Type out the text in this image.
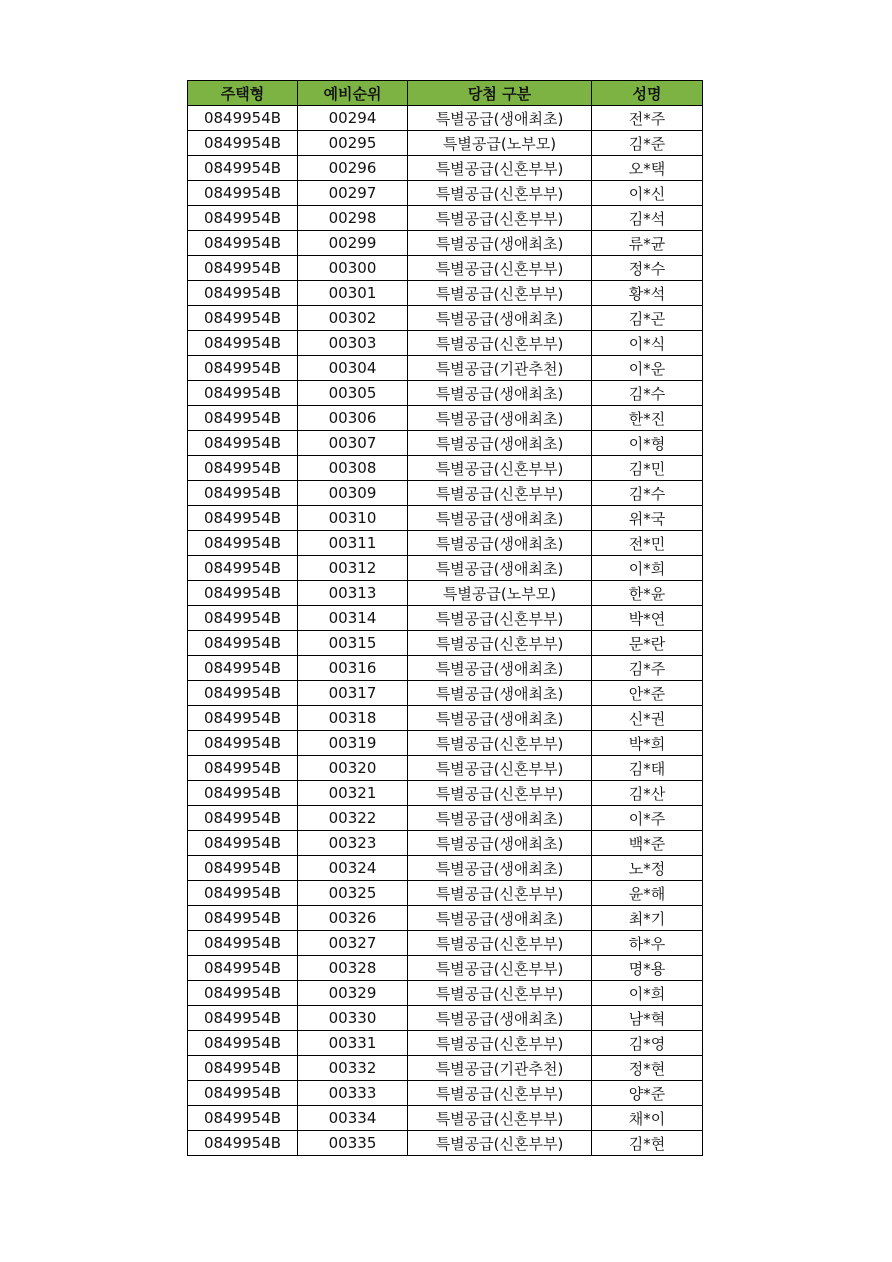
주택형	예비순위	당첨 구분	성명
0849954B	00294	특별공급(생애최초)	전*주
0849954B	00295	특별공급(노부모)	김*준
0849954B	00296	특별공급(신혼부부)	오*택
0849954B	00297	특별공급(신혼부부)	이*신
0849954B	00298	특별공급(신혼부부)	김*석
0849954B	00299	특별공급(생애최초)	류*균
0849954B	00300	특별공급(신혼부부)	정*수
0849954B	00301	특별공급(신혼부부)	황*석
0849954B	00302	특별공급(생애최초)	김*곤
0849954B	00303	특별공급(신혼부부)	이*식
0849954B	00304	특별공급(기관추천)	이*운
0849954B	00305	특별공급(생애최초)	김*수
0849954B	00306	특별공급(생애최초)	한*진
0849954B	00307	특별공급(생애최초)	이*형
0849954B	00308	특별공급(신혼부부)	김*민
0849954B	00309	특별공급(신혼부부)	김*수
0849954B	00310	특별공급(생애최초)	위*국
0849954B	00311	특별공급(생애최초)	전*민
0849954B	00312	특별공급(생애최초)	이*희
0849954B	00313	특별공급(노부모)	한*윤
0849954B	00314	특별공급(신혼부부)	박*연
0849954B	00315	특별공급(신혼부부)	문*란
0849954B	00316	특별공급(생애최초)	김*주
0849954B	00317	특별공급(생애최초)	안*준
0849954B	00318	특별공급(생애최초)	신*권
0849954B	00319	특별공급(신혼부부)	박*희
0849954B	00320	특별공급(신혼부부)	김*태
0849954B	00321	특별공급(신혼부부)	김*산
0849954B	00322	특별공급(생애최초)	이*주
0849954B	00323	특별공급(생애최초)	백*준
0849954B	00324	특별공급(생애최초)	노*정
0849954B	00325	특별공급(신혼부부)	윤*해
0849954B	00326	특별공급(생애최초)	최*기
0849954B	00327	특별공급(신혼부부)	하*우
0849954B	00328	특별공급(신혼부부)	명*용
0849954B	00329	특별공급(신혼부부)	이*희
0849954B	00330	특별공급(생애최초)	남*혁
0849954B	00331	특별공급(신혼부부)	김*영
0849954B	00332	특별공급(기관추천)	정*현
0849954B	00333	특별공급(신혼부부)	양*준
0849954B	00334	특별공급(신혼부부)	채*이
0849954B	00335	특별공급(신혼부부)	김*현
